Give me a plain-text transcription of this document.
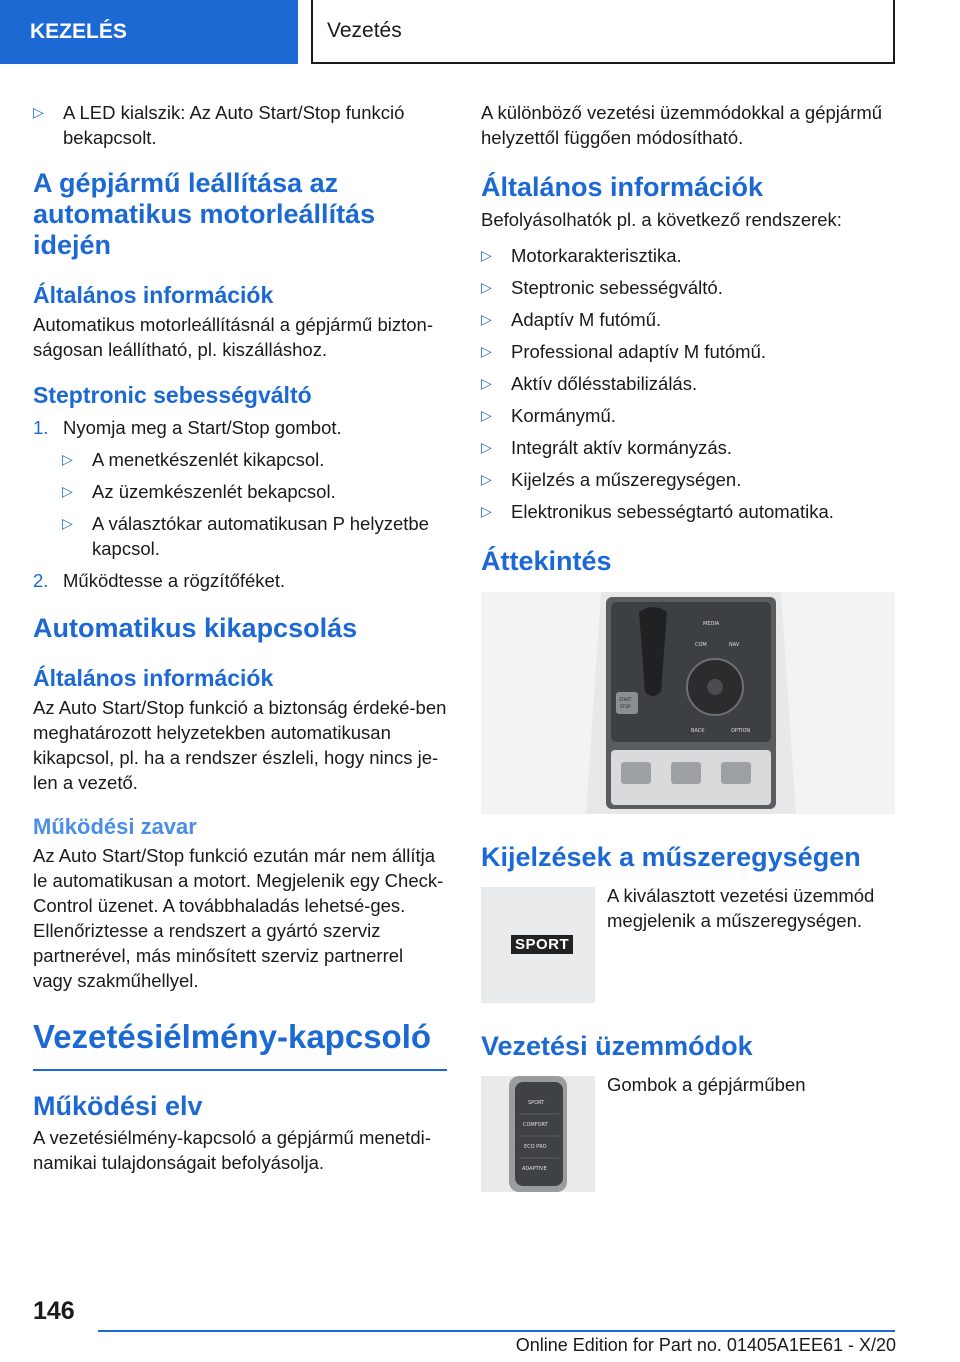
KEZELÉS	Vezetés
▷ A LED kialszik: Az Auto Start/Stop funkció bekapcsolt.
A gépjármű leállítása az automatikus motorleállítás idején
Általános információk

Automatikus motorleállításnál a gépjármű bizton-ságosan leállítható, pl. kiszálláshoz.

Steptronic sebességváltó
1. Nyomja meg a Start/Stop gombot.
▷ A menetkészenlét kikapcsol.
▷ Az üzemkészenlét bekapcsol.
▷ A választókar automatikusan P helyzetbe kapcsol.
2. Működtesse a rögzítőféket.
Automatikus kikapcsolás
Általános információk

Az Auto Start/Stop funkció a biztonság érdeké-ben meghatározott helyzetekben automatikusan kikapcsol, pl. ha a rendszer észleli, hogy nincs je-len a vezető.

Működési zavar

Az Auto Start/Stop funkció ezután már nem állítja le automatikusan a motort. Megjelenik egy Check-Control üzenet. A továbbhaladás lehetsé-ges. Ellenőriztesse a rendszert a gyártó szerviz partnerével, más minősített szerviz partnerrel vagy szakműhellyel.

Vezetésiélmény-kapcsoló
Működési elv

A vezetésiélmény-kapcsoló a gépjármű menetdi-namikai tulajdonságait befolyásolja.

A különböző vezetési üzemmódokkal a gépjármű helyzettől függően módosítható.

Általános információk

Befolyásolhatók pl. a következő rendszerek:

▷ Motorkarakterisztika.
▷ Steptronic sebességváltó.
▷ Adaptív M futómű.
▷ Professional adaptív M futómű.
▷ Aktív dőlésstabilizálás.
▷ Kormánymű.
▷ Integrált aktív kormányzás.
▷ Kijelzés a műszeregységen.
▷ Elektronikus sebességtartó automatika.
Áttekintés
MEDIA
COM	NAV
BACK	OPTION
START
STOP
Kijelzések a műszeregységen
SPORT
A kiválasztott vezetési üzemmód megjelenik a műszeregységen.
Vezetési üzemmódok
SPORT
COMFORT
ECO PRO
ADAPTIVE
Gombok a gépjárműben
146
Online Edition for Part no. 01405A1EE61 - X/20
